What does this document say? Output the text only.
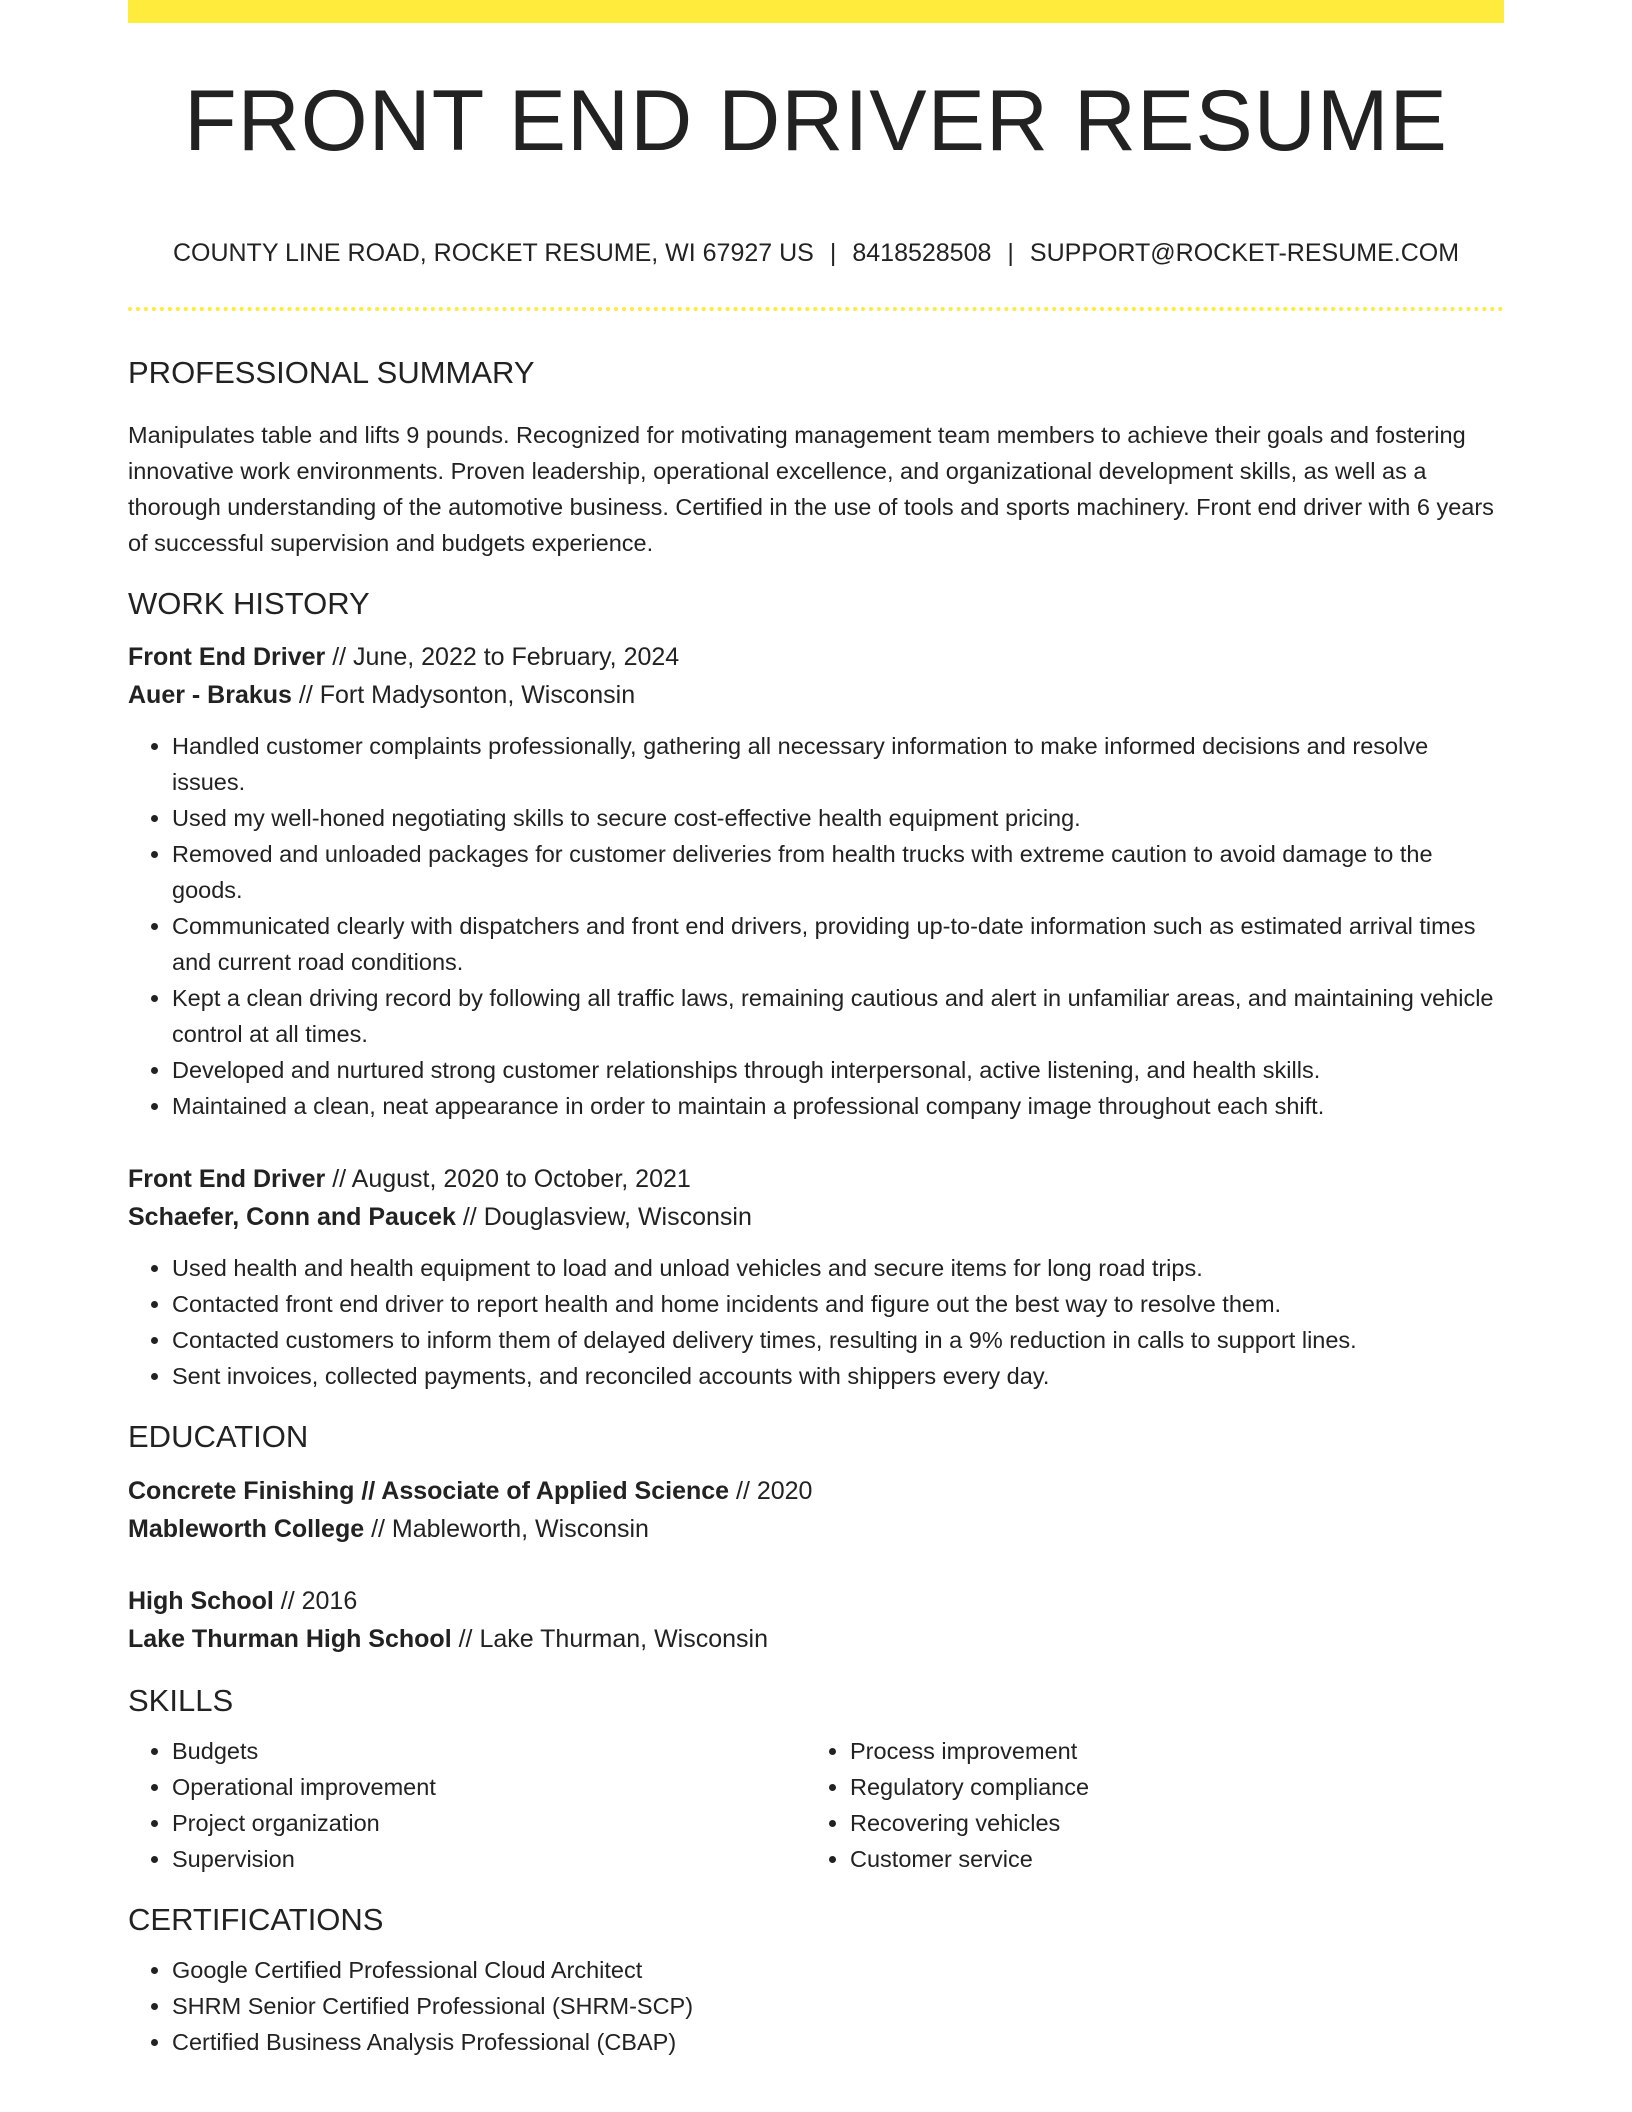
FRONT END DRIVER RESUME
COUNTY LINE ROAD, ROCKET RESUME, WI 67927 US | 8418528508 | SUPPORT@ROCKET-RESUME.COM
PROFESSIONAL SUMMARY

Manipulates table and lifts 9 pounds. Recognized for motivating management team members to achieve their goals and fostering innovative work environments. Proven leadership, operational excellence, and organizational development skills, as well as a thorough understanding of the automotive business. Certified in the use of tools and sports machinery. Front end driver with 6 years of successful supervision and budgets experience.

WORK HISTORY
Front End Driver // June, 2022 to February, 2024
Auer - Brakus // Fort Madysonton, Wisconsin
• Handled customer complaints professionally, gathering all necessary information to make informed decisions and resolve issues.
• Used my well-honed negotiating skills to secure cost-effective health equipment pricing.
• Removed and unloaded packages for customer deliveries from health trucks with extreme caution to avoid damage to the goods.
• Communicated clearly with dispatchers and front end drivers, providing up-to-date information such as estimated arrival times and current road conditions.
• Kept a clean driving record by following all traffic laws, remaining cautious and alert in unfamiliar areas, and maintaining vehicle control at all times.
• Developed and nurtured strong customer relationships through interpersonal, active listening, and health skills.
• Maintained a clean, neat appearance in order to maintain a professional company image throughout each shift.
Front End Driver // August, 2020 to October, 2021
Schaefer, Conn and Paucek // Douglasview, Wisconsin
• Used health and health equipment to load and unload vehicles and secure items for long road trips.
• Contacted front end driver to report health and home incidents and figure out the best way to resolve them.
• Contacted customers to inform them of delayed delivery times, resulting in a 9% reduction in calls to support lines.
• Sent invoices, collected payments, and reconciled accounts with shippers every day.
EDUCATION
Concrete Finishing // Associate of Applied Science // 2020
Mableworth College // Mableworth, Wisconsin
High School // 2016
Lake Thurman High School // Lake Thurman, Wisconsin
SKILLS
• Budgets
• Operational improvement
• Project organization
• Supervision
• Process improvement
• Regulatory compliance
• Recovering vehicles
• Customer service
CERTIFICATIONS
• Google Certified Professional Cloud Architect
• SHRM Senior Certified Professional (SHRM-SCP)
• Certified Business Analysis Professional (CBAP)
